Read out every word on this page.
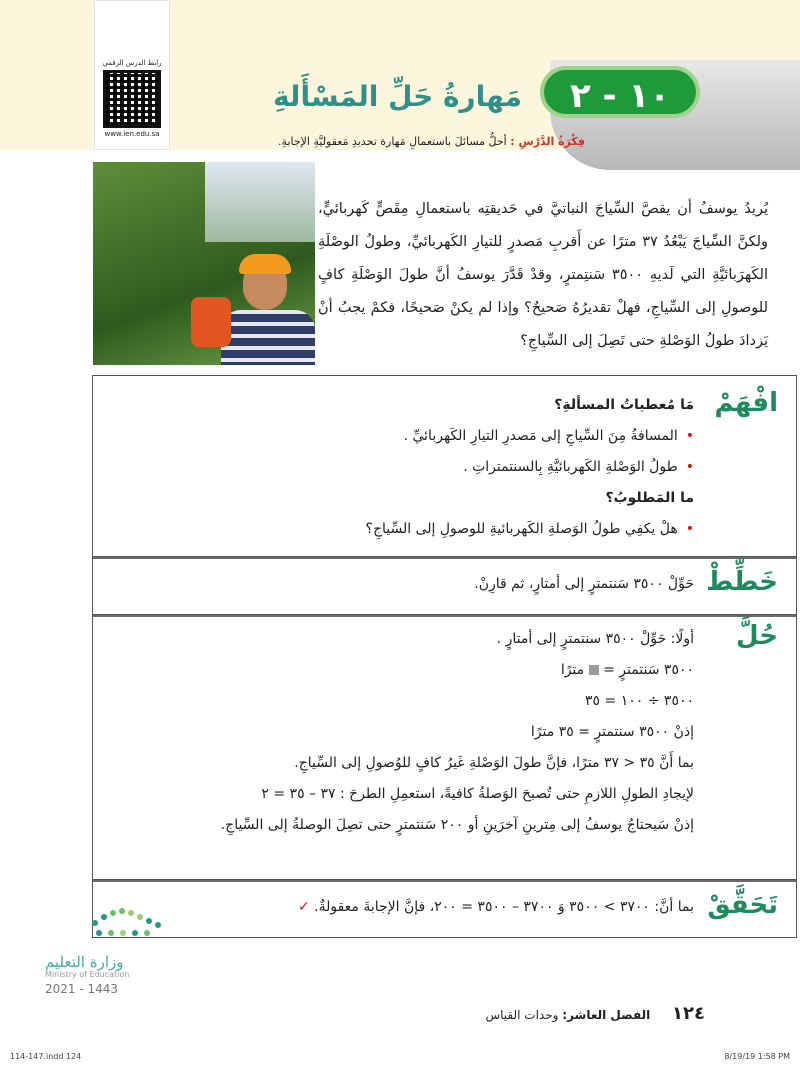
رابط الدرس الرقمي
www.ien.edu.sa
١٠ - ٢
مَهارةُ حَلِّ المَسْأَلةِ
فِكْرَةُ الدَّرْسِ : أحلُّ مسائلَ باستعمالِ مَهارة تحديدِ مَعقوليَّةِ الإجابةِ.
يُريدُ يوسفُ أن يقصَّ السِّياجَ النباتيَّ في حَديقتِه باستعمالِ مِقَصٍّ كَهربائيٍّ، ولكنَّ السِّياجَ يَبْعُدُ ٣٧ مترًا عن أَقربِ مَصدرٍ للتيارِ الكَهربائيِّ، وطولُ الوصْلَةِ الكَهرَبائيَّةِ التي لَديهِ ٣٥٠٠ سَنتِمترٍ، وقدْ قَدَّرَ يوسفُ أنَّ طولَ الوَصْلَةِ كافٍ للوصولِ إلى السِّياجِ، فهلْ تقديرُهُ صَحيحٌ؟ وإذا لم يكنْ صَحيحًا، فكمْ يجبُ أنْ يَزدادَ طولُ الوَصْلةِ حتى تَصِلَ إلى السِّياجِ؟
افْهَمْ
مَا مُعطياتُ المسألةِ؟
• المسافةُ مِنَ السِّياجِ إلى مَصدرِ التيارِ الكَهربائيِّ .
• طولُ الوَصْلةِ الكَهربائيَّةِ بِالسنتمتراتِ .
ما المَطلوبُ؟
• هلْ يكفِي طولُ الوَصلةِ الكَهربائيةِ للوصولِ إلى السِّياجِ؟
خَطِّطْ
حَوِّلْ ٣٥٠٠ سَنتمترٍ إلى أمتارٍ، ثم قارِنْ.
حُلَّ
أولًا: حَوِّلْ ٣٥٠٠ سنتمترٍ إلى أمتارٍ .
٣٥٠٠ سَنتمترٍ =  مترًا
٣٥٠٠ ÷ ١٠٠ = ٣٥
إذنْ ٣٥٠٠ سنتمترٍ = ٣٥ مترًا
بما أَنَّ ٣٥ < ٣٧ مترًا، فإنَّ طولَ الوَصْلةِ غَيرُ كافٍ للوُصولِ إلى السِّياجِ.
لإيجادِ الطولِ اللازمِ حتى تُصبحَ الوَصلةُ كافيةً، استعمِلِ الطرحَ : ٣٧ – ٣٥ = ٢
إذنْ سَيحتاجُ يوسفُ إلى مِترينِ آخرَينِ أو ٢٠٠ سَنتمترٍ حتى تصِلَ الوصلةُ إلى السِّياجِ.
تَحَقَّقْ
بما أنَّ: ٣٧٠٠ > ٣٥٠٠ وَ ٣٧٠٠ – ٣٥٠٠ = ٢٠٠، فإنَّ الإجابةَ معقولةٌ. ✓
وزارة التعليم
Ministry of Education
2021 - 1443
١٢٤ الفصل العاشر: وحدات القياس
114-147.indd 124	8/19/19 1:58 PM
